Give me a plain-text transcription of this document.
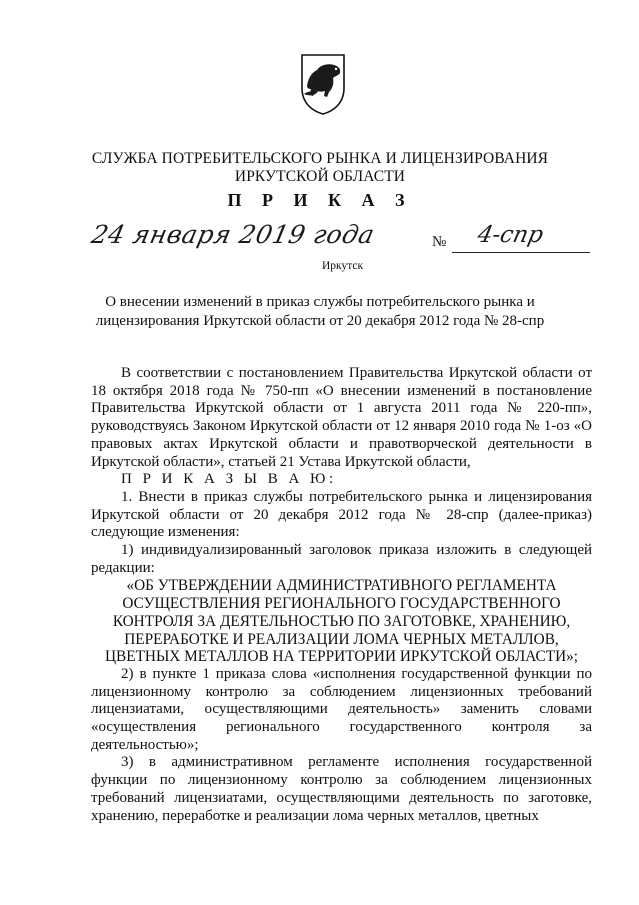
СЛУЖБА ПОТРЕБИТЕЛЬСКОГО РЫНКА И ЛИЦЕНЗИРОВАНИЯ
ИРКУТСКОЙ ОБЛАСТИ
П Р И К А З
24 января 2019 года	№ 4-спр
Иркутск
О внесении изменений в приказ службы потребительского рынка и
лицензирования Иркутской области от 20 декабря 2012 года № 28-спр

В соответствии с постановлением Правительства Иркутской области от 18 октября 2018 года № 750-пп «О внесении изменений в постановление Правительства Иркутской области от 1 августа 2011 года № 220-пп», руководствуясь Законом Иркутской области от 12 января 2010 года № 1-оз «О правовых актах Иркутской области и правотворческой деятельности в Иркутской области», статьей 21 Устава Иркутской области,

П Р И К А З Ы В А Ю:

1. Внести в приказ службы потребительского рынка и лицензирования Иркутской области от 20 декабря 2012 года № 28-спр (далее-приказ) следующие изменения:

1) индивидуализированный заголовок приказа изложить в следующей редакции:

«ОБ УТВЕРЖДЕНИИ АДМИНИСТРАТИВНОГО РЕГЛАМЕНТА ОСУЩЕСТВЛЕНИЯ РЕГИОНАЛЬНОГО ГОСУДАРСТВЕННОГО КОНТРОЛЯ ЗА ДЕЯТЕЛЬНОСТЬЮ ПО ЗАГОТОВКЕ, ХРАНЕНИЮ, ПЕРЕРАБОТКЕ И РЕАЛИЗАЦИИ ЛОМА ЧЕРНЫХ МЕТАЛЛОВ, ЦВЕТНЫХ МЕТАЛЛОВ НА ТЕРРИТОРИИ ИРКУТСКОЙ ОБЛАСТИ»;

2) в пункте 1 приказа слова «исполнения государственной функции по лицензионному контролю за соблюдением лицензионных требований лицензиатами, осуществляющими деятельность» заменить словами «осуществления регионального государственного контроля за деятельностью»;

3) в административном регламенте исполнения государственной функции по лицензионному контролю за соблюдением лицензионных требований лицензиатами, осуществляющими деятельность по заготовке, хранению, переработке и реализации лома черных металлов, цветных
